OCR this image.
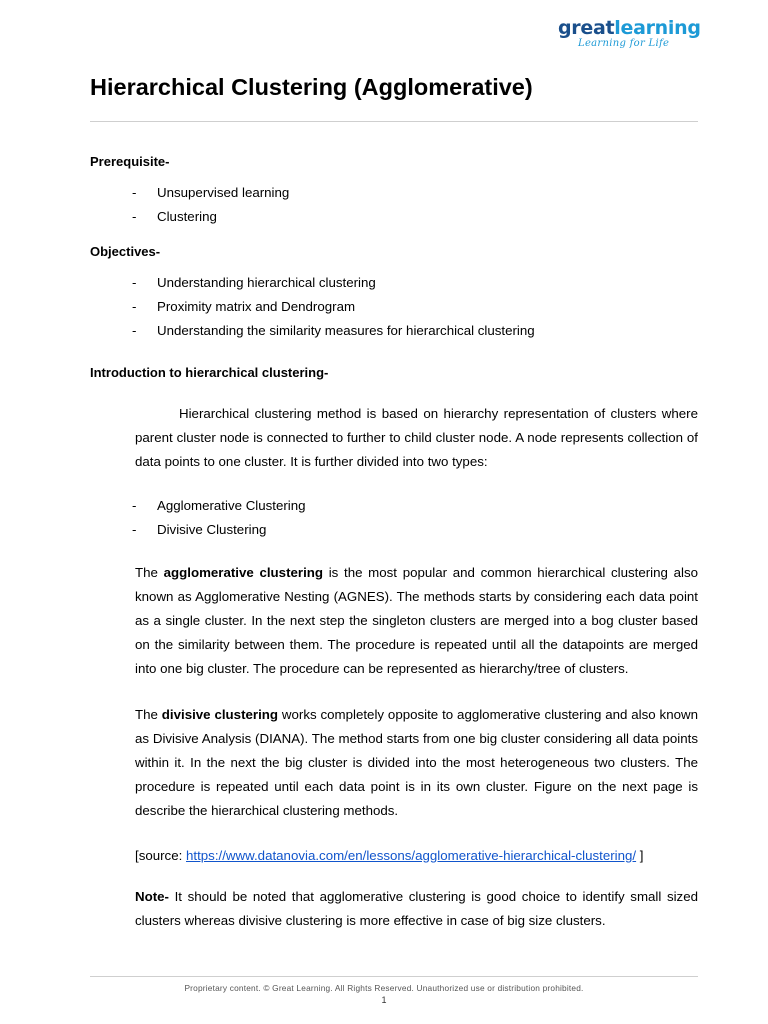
greatlearning
Learning for Life
Hierarchical Clustering (Agglomerative)
Prerequisite-
- Unsupervised learning
- Clustering
Objectives-
- Understanding hierarchical clustering
- Proximity matrix and Dendrogram
- Understanding the similarity measures for hierarchical clustering
Introduction to hierarchical clustering-

Hierarchical clustering method is based on hierarchy representation of clusters where parent cluster node is connected to further to child cluster node. A node represents collection of data points to one cluster. It is further divided into two types:

- Agglomerative Clustering
- Divisive Clustering

The agglomerative clustering is the most popular and common hierarchical clustering also known as Agglomerative Nesting (AGNES). The methods starts by considering each data point as a single cluster. In the next step the singleton clusters are merged into a bog cluster based on the similarity between them. The procedure is repeated until all the datapoints are merged into one big cluster. The procedure can be represented as hierarchy/tree of clusters.

The divisive clustering works completely opposite to agglomerative clustering and also known as Divisive Analysis (DIANA). The method starts from one big cluster considering all data points within it. In the next the big cluster is divided into the most heterogeneous two clusters. The procedure is repeated until each data point is in its own cluster. Figure on the next page is describe the hierarchical clustering methods.

[source: https://www.datanovia.com/en/lessons/agglomerative-hierarchical-clustering/ ]

Note- It should be noted that agglomerative clustering is good choice to identify small sized clusters whereas divisive clustering is more effective in case of big size clusters.

Proprietary content. © Great Learning. All Rights Reserved. Unauthorized use or distribution prohibited.
1
